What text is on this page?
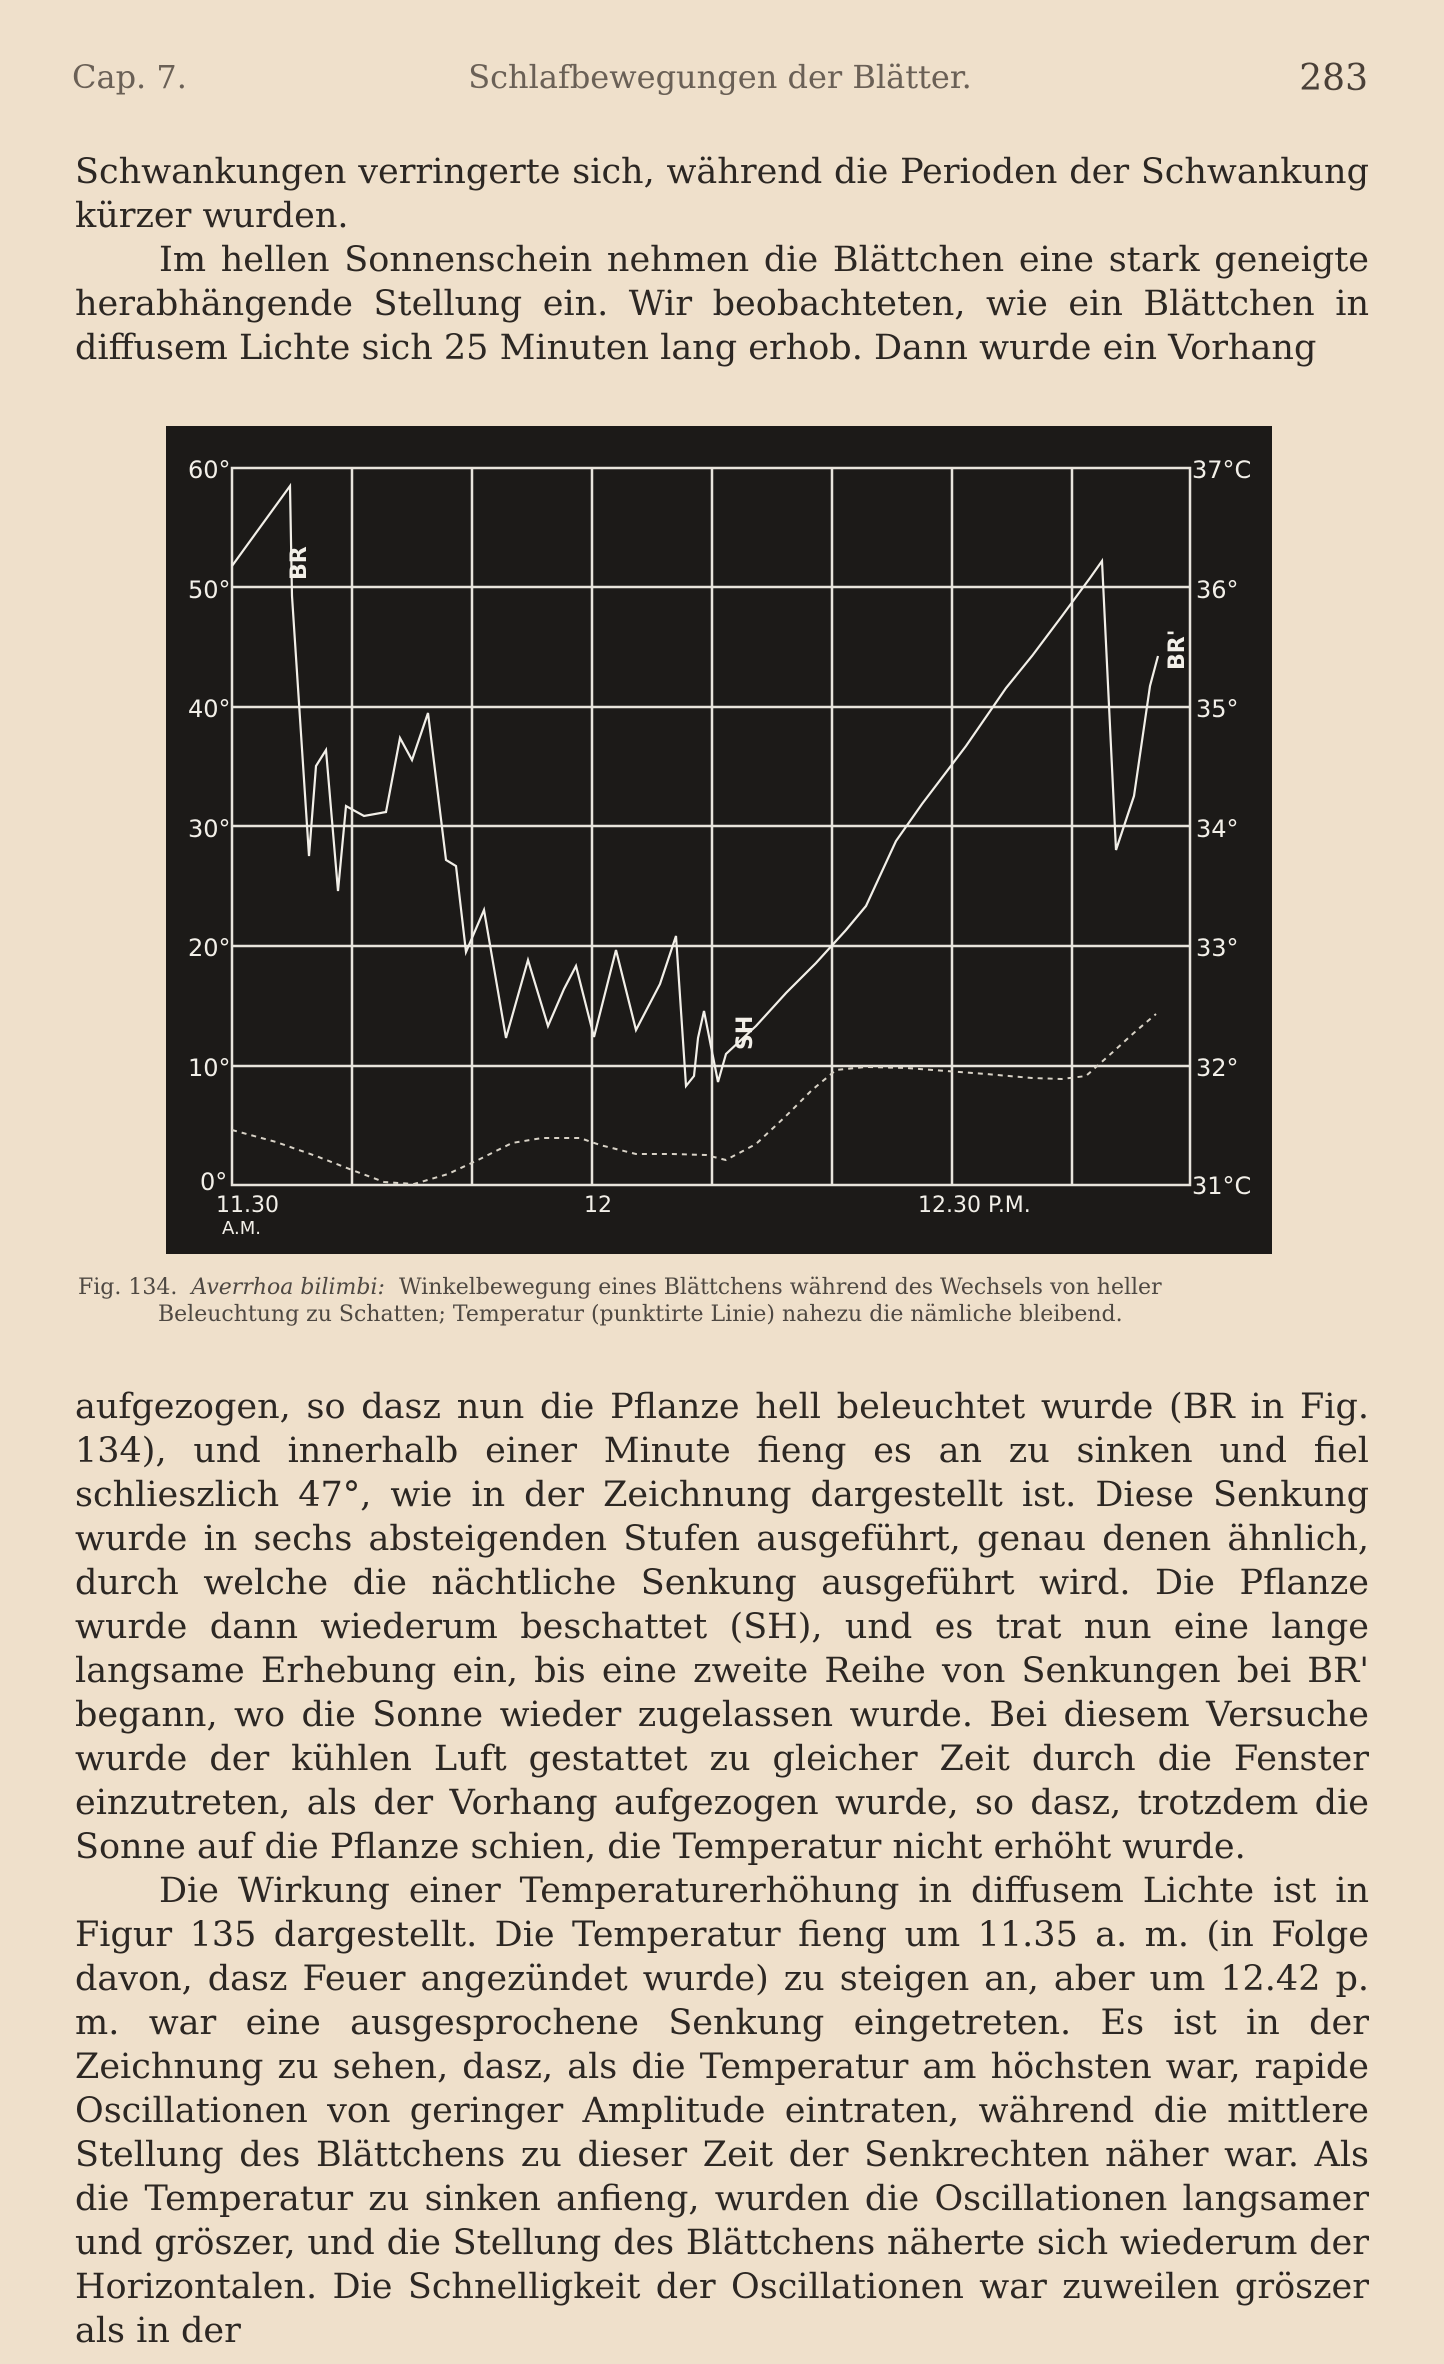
Cap. 7.	Schlafbewegungen der Blätter.	283

Schwankungen verringerte sich, während die Perioden der Schwankung kürzer wurden.

Im hellen Sonnenschein nehmen die Blättchen eine stark geneigte herabhängende Stellung ein. Wir beobachteten, wie ein Blättchen in diffusem Lichte sich 25 Minuten lang erhob. Dann wurde ein Vorhang

60°
50°
40°
30°
20°
10°
0°
37°C
36°
35°
34°
33°
32°
31°C
11.30
A.M.
12	12.30 P.M.
BR
SH
BR'
Fig. 134. Averrhoa bilimbi: Winkelbewegung eines Blättchens während des Wechsels von heller
Beleuchtung zu Schatten; Temperatur (punktirte Linie) nahezu die nämliche bleibend.

aufgezogen, so dasz nun die Pflanze hell beleuchtet wurde (BR in Fig. 134), und innerhalb einer Minute fieng es an zu sinken und fiel schlieszlich 47°, wie in der Zeichnung dargestellt ist. Diese Senkung wurde in sechs absteigenden Stufen ausgeführt, genau denen ähnlich, durch welche die nächtliche Senkung ausgeführt wird. Die Pflanze wurde dann wiederum beschattet (SH), und es trat nun eine lange langsame Erhebung ein, bis eine zweite Reihe von Senkungen bei BR' begann, wo die Sonne wieder zugelassen wurde. Bei diesem Versuche wurde der kühlen Luft gestattet zu gleicher Zeit durch die Fenster einzutreten, als der Vorhang aufgezogen wurde, so dasz, trotzdem die Sonne auf die Pflanze schien, die Temperatur nicht erhöht wurde.

Die Wirkung einer Temperaturerhöhung in diffusem Lichte ist in Figur 135 dargestellt. Die Temperatur fieng um 11.35 a. m. (in Folge davon, dasz Feuer angezündet wurde) zu steigen an, aber um 12.42 p. m. war eine ausgesprochene Senkung eingetreten. Es ist in der Zeichnung zu sehen, dasz, als die Temperatur am höchsten war, rapide Oscillationen von geringer Amplitude eintraten, während die mittlere Stellung des Blättchens zu dieser Zeit der Senkrechten näher war. Als die Temperatur zu sinken anfieng, wurden die Oscillationen langsamer und gröszer, und die Stellung des Blättchens näherte sich wiederum der Horizontalen. Die Schnelligkeit der Oscillationen war zuweilen gröszer als in der
